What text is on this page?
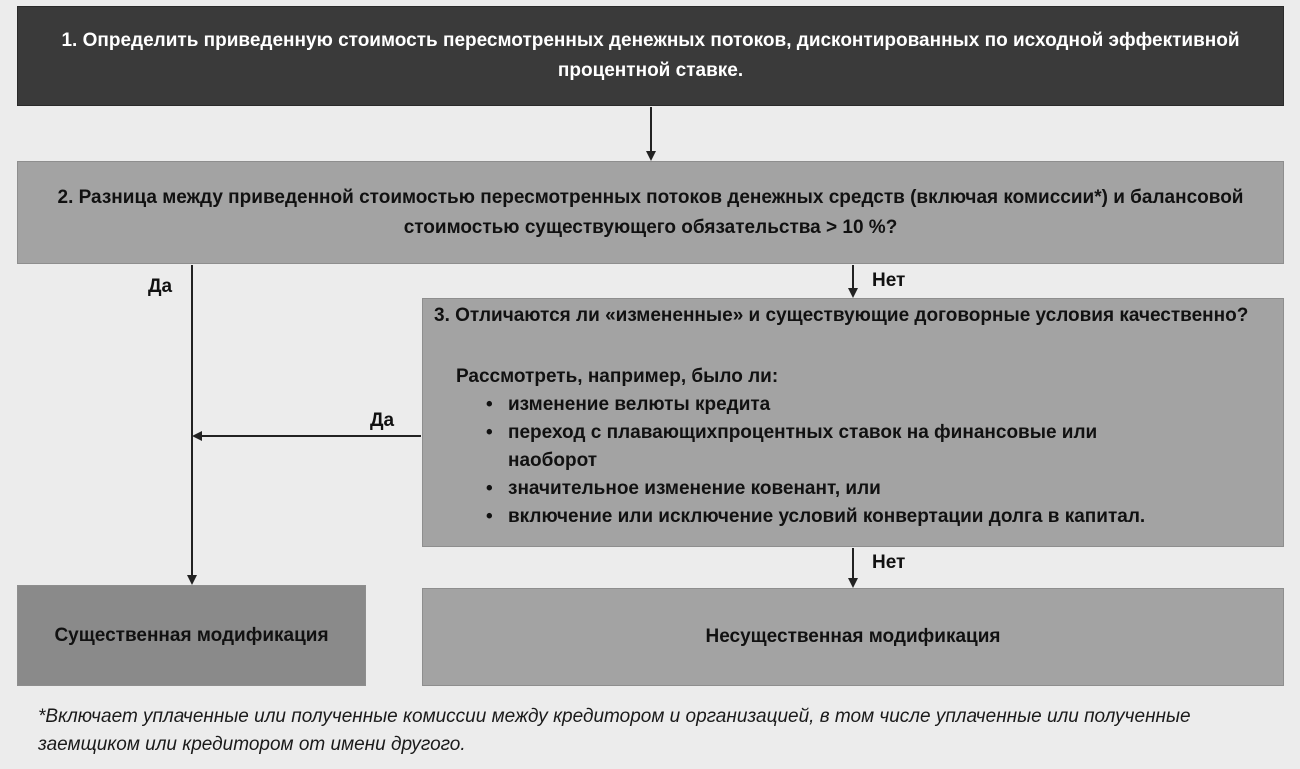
1. Определить приведенную стоимость пересмотренных денежных потоков, дисконтированных по исходной эффективной процентной ставке.
2. Разница между приведенной стоимостью пересмотренных потоков денежных средств (включая комиссии*) и балансовой стоимостью существующего обязательства > 10 %?
3. Отличаются ли «измененные» и существующие договорные условия качественно?
Рассмотреть, например, было ли:
• изменение велюты кредита
• переход с плавающихпроцентных ставок на финансовые или наоборот
• значительное изменение ковенант, или
• включение или исключение условий конвертации долга в капитал.
Существенная модификация	Несущественная модификация
Да	Нет
Да
Нет
*Включает уплаченные или полученные комиссии между кредитором и организацией, в том числе уплаченные или полученные заемщиком или кредитором от имени другого.
